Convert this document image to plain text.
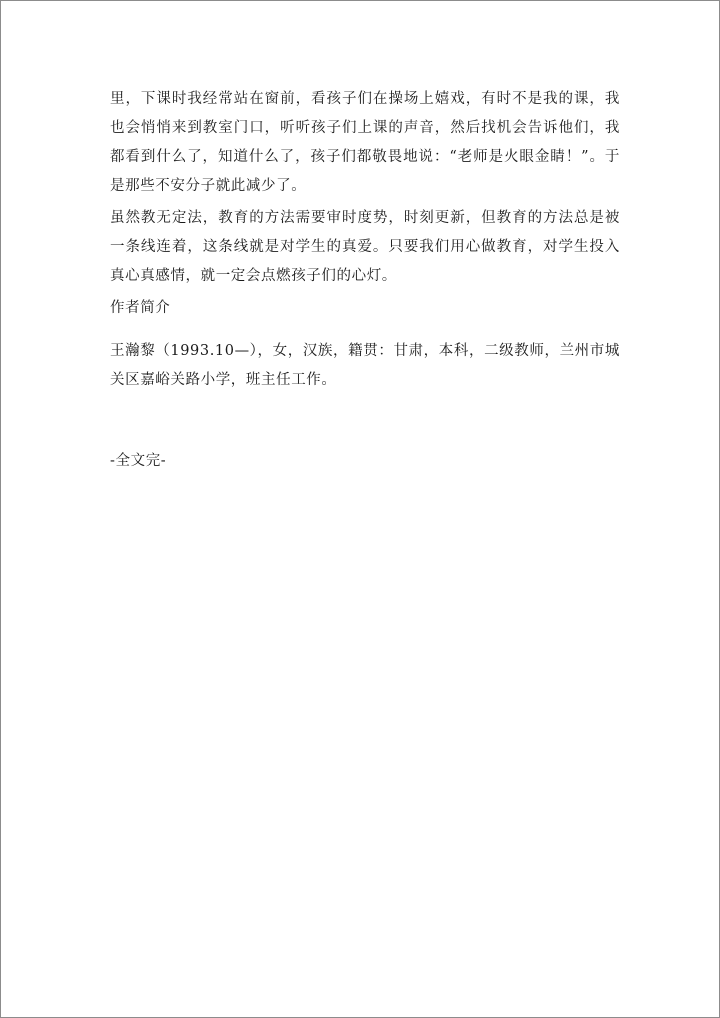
里，下课时我经常站在窗前，看孩子们在操场上嬉戏，有时不是我的课，我也会悄悄来到教室门口，听听孩子们上课的声音，然后找机会告诉他们，我都看到什么了，知道什么了，孩子们都敬畏地说：“老师是火眼金睛！”。于是那些不安分子就此减少了。

虽然教无定法，教育的方法需要审时度势，时刻更新，但教育的方法总是被一条线连着，这条线就是对学生的真爱。只要我们用心做教育，对学生投入真心真感情，就一定会点燃孩子们的心灯。

作者简介

王瀚黎（1993.10—），女，汉族，籍贯：甘肃，本科，二级教师，兰州市城关区嘉峪关路小学，班主任工作。

-全文完-
